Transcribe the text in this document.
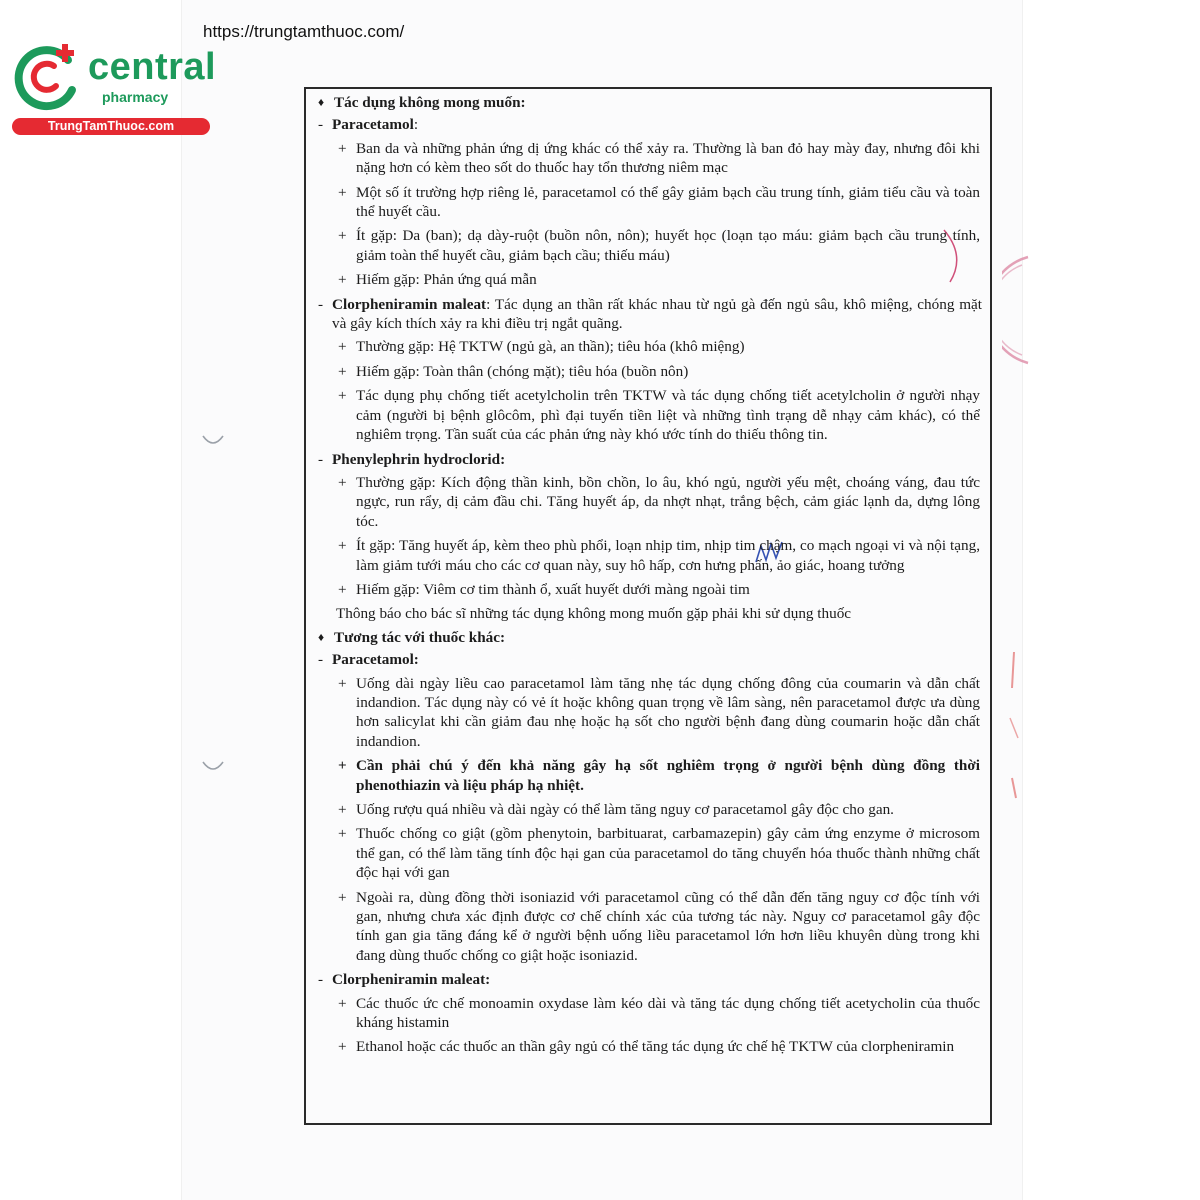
https://trungtamthuoc.com/
central
pharmacy
TrungTamThuoc.com
♦ Tác dụng không mong muốn:
- Paracetamol:
+ Ban da và những phản ứng dị ứng khác có thể xảy ra. Thường là ban đỏ hay mày đay, nhưng đôi khi nặng hơn có kèm theo sốt do thuốc hay tổn thương niêm mạc
+ Một số ít trường hợp riêng lẻ, paracetamol có thể gây giảm bạch cầu trung tính, giảm tiểu cầu và toàn thể huyết cầu.
+ Ít gặp: Da (ban); dạ dày-ruột (buồn nôn, nôn); huyết học (loạn tạo máu: giảm bạch cầu trung tính, giảm toàn thể huyết cầu, giảm bạch cầu; thiếu máu)
+ Hiếm gặp: Phản ứng quá mẫn
- Clorpheniramin maleat: Tác dụng an thần rất khác nhau từ ngủ gà đến ngủ sâu, khô miệng, chóng mặt và gây kích thích xảy ra khi điều trị ngắt quãng.
+ Thường gặp: Hệ TKTW (ngủ gà, an thần); tiêu hóa (khô miệng)
+ Hiếm gặp: Toàn thân (chóng mặt); tiêu hóa (buồn nôn)
+ Tác dụng phụ chống tiết acetylcholin trên TKTW và tác dụng chống tiết acetylcholin ở người nhạy cảm (người bị bệnh glôcôm, phì đại tuyến tiền liệt và những tình trạng dễ nhạy cảm khác), có thể nghiêm trọng. Tần suất của các phản ứng này khó ước tính do thiếu thông tin.
- Phenylephrin hydroclorid:
+ Thường gặp: Kích động thần kinh, bồn chồn, lo âu, khó ngủ, người yếu mệt, choáng váng, đau tức ngực, run rẩy, dị cảm đầu chi. Tăng huyết áp, da nhợt nhạt, trắng bệch, cảm giác lạnh da, dựng lông tóc.
+ Ít gặp: Tăng huyết áp, kèm theo phù phổi, loạn nhịp tim, nhịp tim chậm, co mạch ngoại vi và nội tạng, làm giảm tưới máu cho các cơ quan này, suy hô hấp, cơn hưng phấn, ảo giác, hoang tưởng
+ Hiếm gặp: Viêm cơ tim thành ổ, xuất huyết dưới màng ngoài tim
Thông báo cho bác sĩ những tác dụng không mong muốn gặp phải khi sử dụng thuốc
♦ Tương tác với thuốc khác:
- Paracetamol:
+ Uống dài ngày liều cao paracetamol làm tăng nhẹ tác dụng chống đông của coumarin và dẫn chất indandion. Tác dụng này có vẻ ít hoặc không quan trọng về lâm sàng, nên paracetamol được ưa dùng hơn salicylat khi cần giảm đau nhẹ hoặc hạ sốt cho người bệnh đang dùng coumarin hoặc dẫn chất indandion.
+ Cần phải chú ý đến khả năng gây hạ sốt nghiêm trọng ở người bệnh dùng đồng thời phenothiazin và liệu pháp hạ nhiệt.
+ Uống rượu quá nhiều và dài ngày có thể làm tăng nguy cơ paracetamol gây độc cho gan.
+ Thuốc chống co giật (gồm phenytoin, barbituarat, carbamazepin) gây cảm ứng enzyme ở microsom thể gan, có thể làm tăng tính độc hại gan của paracetamol do tăng chuyển hóa thuốc thành những chất độc hại với gan
+ Ngoài ra, dùng đồng thời isoniazid với paracetamol cũng có thể dẫn đến tăng nguy cơ độc tính với gan, nhưng chưa xác định được cơ chế chính xác của tương tác này. Nguy cơ paracetamol gây độc tính gan gia tăng đáng kể ở người bệnh uống liều paracetamol lớn hơn liều khuyên dùng trong khi đang dùng thuốc chống co giật hoặc isoniazid.
- Clorpheniramin maleat:
+ Các thuốc ức chế monoamin oxydase làm kéo dài và tăng tác dụng chống tiết acetycholin của thuốc kháng histamin
+ Ethanol hoặc các thuốc an thần gây ngủ có thể tăng tác dụng ức chế hệ TKTW của clorpheniramin
